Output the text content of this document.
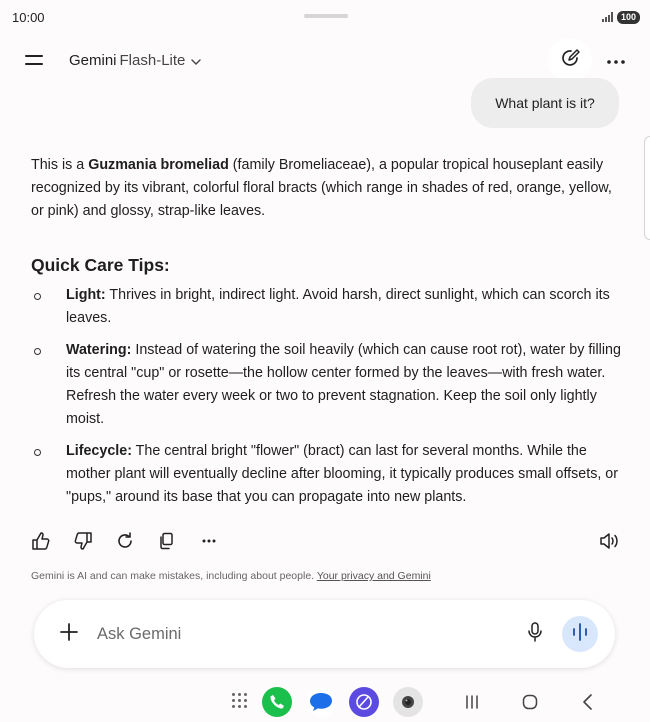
10:00	100
Gemini Flash-Lite
What plant is it?

This is a Guzmania bromeliad (family Bromeliaceae), a popular tropical houseplant easily recognized by its vibrant, colorful floral bracts (which range in shades of red, orange, yellow, or pink) and glossy, strap-like leaves.

Quick Care Tips:
Light: Thrives in bright, indirect light. Avoid harsh, direct sunlight, which can scorch its leaves.
Watering: Instead of watering the soil heavily (which can cause root rot), water by filling its central "cup" or rosette—the hollow center formed by the leaves—with fresh water. Refresh the water every week or two to prevent stagnation. Keep the soil only lightly moist.
Lifecycle: The central bright "flower" (bract) can last for several months. While the mother plant will eventually decline after blooming, it typically produces small offsets, or "pups," around its base that you can propagate into new plants.
Gemini is AI and can make mistakes, including about people. Your privacy and Gemini
Ask Gemini
